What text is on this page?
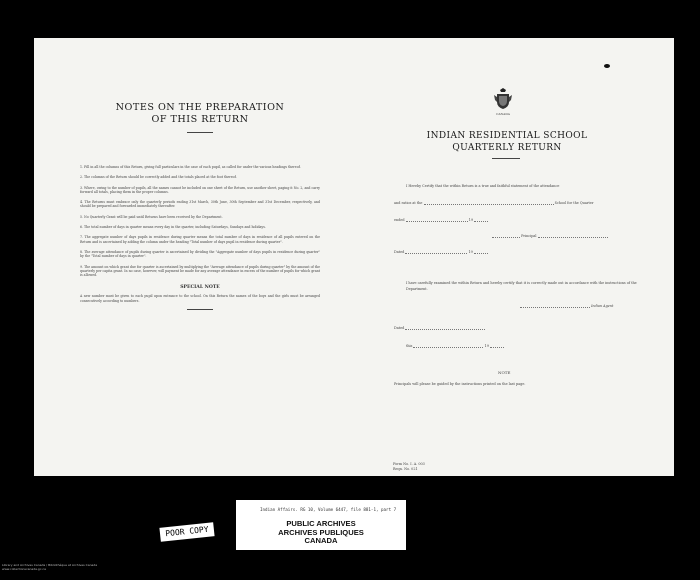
NOTES ON THE PREPARATION
OF THIS RETURN

1. Fill in all the columns of this Return, giving full particulars in the case of each pupil, as called for under the various headings thereof.

2. The columns of the Return should be correctly added and the totals placed at the foot thereof.

3. Where, owing to the number of pupils, all the names cannot be included on one sheet of the Return, use another sheet, paging it No. 2, and carry forward all totals, placing them in the proper columns.

4. The Returns must embrace only the quarterly periods ending 31st March, 30th June, 30th September and 31st December, respectively, and should be prepared and forwarded immediately thereafter.

5. No Quarterly Grant will be paid until Returns have been received by the Department.

6. The total number of days in quarter means every day in the quarter, including Saturdays, Sundays and holidays.

7. The aggregate number of days pupils in residence during quarter means the total number of days in residence of all pupils entered on the Return and is ascertained by adding the column under the heading "Total number of days pupil in residence during quarter".

8. The average attendance of pupils during quarter is ascertained by dividing the "Aggregate number of days pupils in residence during quarter" by the "Total number of days in quarter".

9. The amount on which grant due for quarter is ascertained by multiplying the "Average attendance of pupils during quarter" by the amount of the quarterly per capita grant. In no case, however, will payment be made for any average attendance in excess of the number of pupils for which grant is allowed.

SPECIAL NOTE

A new number must be given to each pupil upon entrance to the school. On this Return the names of the boys and the girls must be arranged consecutively according to numbers.

CANADA
INDIAN RESIDENTIAL SCHOOL
QUARTERLY RETURN
I Hereby Certify that the within Return is a true and faithful statement of the attendance
and ratios at the	School for the Quarter
ended	19
Principal
Dated	19
I have carefully examined the within Return and hereby certify that it is correctly made out in accordance with the instructions of the Department.
Indian Agent
Dated
this	19
NOTE
Principals will please be guided by the instructions printed on the last page.
Form No. I. A. 003
Reqn. No. 021
POOR COPY
Indian Affairs. RG 10, Volume 6447, file 881-1, part 7
PUBLIC ARCHIVES
ARCHIVES PUBLIQUES
CANADA
Library and Archives Canada / Bibliothèque et Archives Canada
www.collectionscanada.gc.ca
